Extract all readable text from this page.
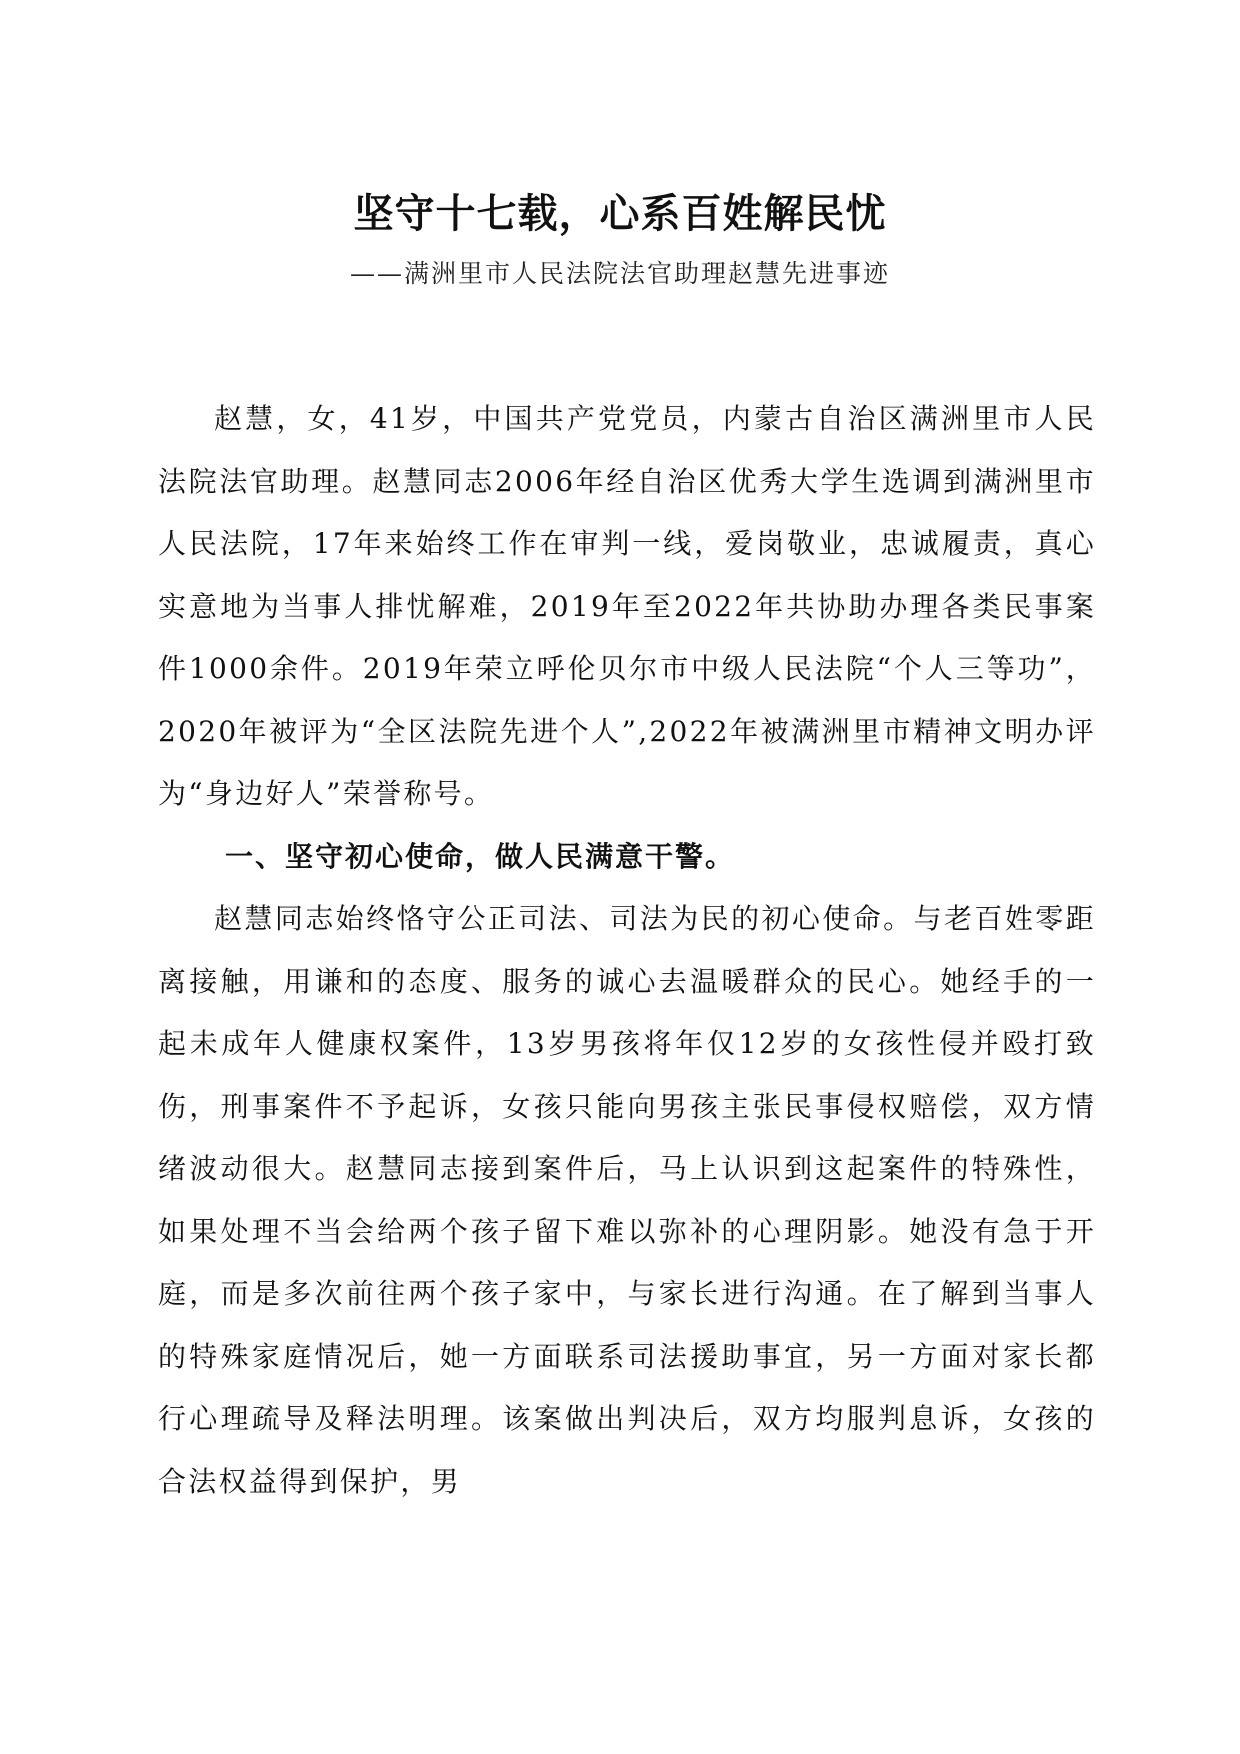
坚守十七载，心系百姓解民忧

——满洲里市人民法院法官助理赵慧先进事迹

赵慧，女，41岁，中国共产党党员，内蒙古自治区满洲里市人民法院法官助理。赵慧同志2006年经自治区优秀大学生选调到满洲里市人民法院，17年来始终工作在审判一线，爱岗敬业，忠诚履责，真心实意地为当事人排忧解难，2019年至2022年共协助办理各类民事案件1000余件。2019年荣立呼伦贝尔市中级人民法院“个人三等功”，2020年被评为“全区法院先进个人”,2022年被满洲里市精神文明办评为“身边好人”荣誉称号。

一、坚守初心使命，做人民满意干警。

赵慧同志始终恪守公正司法、司法为民的初心使命。与老百姓零距离接触，用谦和的态度、服务的诚心去温暖群众的民心。她经手的一起未成年人健康权案件，13岁男孩将年仅12岁的女孩性侵并殴打致伤，刑事案件不予起诉，女孩只能向男孩主张民事侵权赔偿，双方情绪波动很大。赵慧同志接到案件后，马上认识到这起案件的特殊性，如果处理不当会给两个孩子留下难以弥补的心理阴影。她没有急于开庭，而是多次前往两个孩子家中，与家长进行沟通。在了解到当事人的特殊家庭情况后，她一方面联系司法援助事宜，另一方面对家长都行心理疏导及释法明理。该案做出判决后，双方均服判息诉，女孩的合法权益得到保护，男
